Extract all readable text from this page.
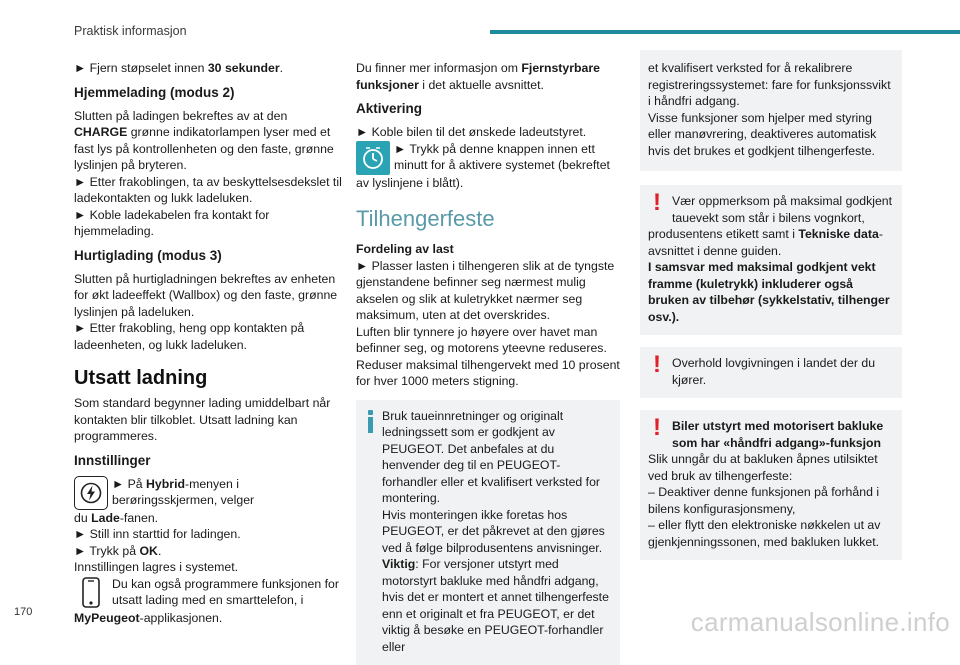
Praktisk informasjon

► Fjern støpselet innen 30 sekunder.

Hjemmelading (modus 2)

Slutten på ladingen bekreftes av at den CHARGE grønne indikatorlampen lyser med et fast lys på kontrollenheten og den faste, grønne lyslinjen på bryteren.

► Etter frakoblingen, ta av beskyttelsesdekslet til ladekontakten og lukk ladeluken.

► Koble ladekabelen fra kontakt for hjemmelading.

Hurtiglading (modus 3)

Slutten på hurtigladningen bekreftes av enheten for økt ladeeffekt (Wallbox) og den faste, grønne lyslinjen på ladeluken.

► Etter frakobling, heng opp kontakten på ladeenheten, og lukk ladeluken.

Utsatt ladning

Som standard begynner lading umiddelbart når kontakten blir tilkoblet. Utsatt ladning kan programmeres.

Innstillinger
► På Hybrid-menyen i berøringsskjermen, velger

du Lade-fanen.

► Still inn starttid for ladingen.

► Trykk på OK.

Innstillingen lagres i systemet.

Du kan også programmere funksjonen for utsatt lading med en smarttelefon, i

MyPeugeot-applikasjonen.

Du finner mer informasjon om Fjernstyrbare funksjoner i det aktuelle avsnittet.

Aktivering

► Koble bilen til det ønskede ladeutstyret.

► Trykk på denne knappen innen ett minutt for å aktivere systemet (bekreftet

av lyslinjene i blått).

Tilhengerfeste

Fordeling av last

► Plasser lasten i tilhengeren slik at de tyngste gjenstandene befinner seg nærmest mulig akselen og slik at kuletrykket nærmer seg maksimum, uten at det overskrides.

Luften blir tynnere jo høyere over havet man befinner seg, og motorens yteevne reduseres. Reduser maksimal tilhengervekt med 10 prosent for hver 1000 meters stigning.

Bruk taueinnretninger og originalt ledningssett som er godkjent av PEUGEOT. Det anbefales at du henvender deg til en PEUGEOT-forhandler eller et kvalifisert verksted for montering.

Hvis monteringen ikke foretas hos PEUGEOT, er det påkrevet at den gjøres ved å følge bilprodusentens anvisninger.

Viktig: For versjoner utstyrt med motorstyrt bakluke med håndfri adgang, hvis det er montert et annet tilhengerfeste enn et originalt et fra PEUGEOT, er det viktig å besøke en PEUGEOT-forhandler eller

et kvalifisert verksted for å rekalibrere registreringssystemet: fare for funksjonssvikt i håndfri adgang.

Visse funksjoner som hjelper med styring eller manøvrering, deaktiveres automatisk hvis det brukes et godkjent tilhengerfeste.

! Vær oppmerksom på maksimal godkjent tauevekt som står i bilens vognkort,

produsentens etikett samt i Tekniske data-avsnittet i denne guiden.

I samsvar med maksimal godkjent vekt framme (kuletrykk) inkluderer også bruken av tilbehør (sykkelstativ, tilhenger osv.).

! Overhold lovgivningen i landet der du kjører.

! Biler utstyrt med motorisert bakluke som har «håndfri adgang»-funksjon

Slik unngår du at bakluken åpnes utilsiktet ved bruk av tilhengerfeste:

– Deaktiver denne funksjonen på forhånd i bilens konfigurasjonsmeny,

– eller flytt den elektroniske nøkkelen ut av gjenkjenningssonen, med bakluken lukket.

170	carmanualsonline.info
